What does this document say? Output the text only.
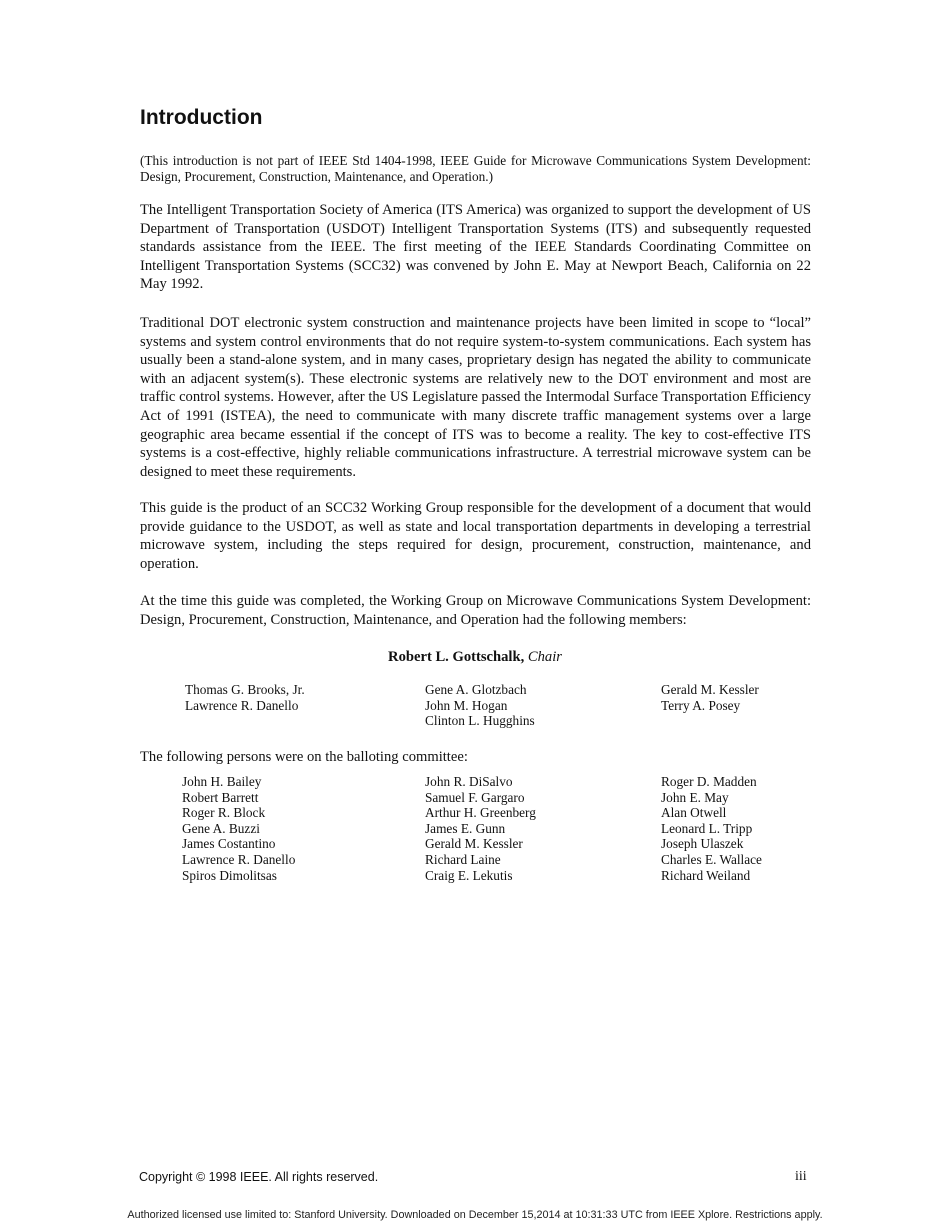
Introduction

(This introduction is not part of IEEE Std 1404-1998, IEEE Guide for Microwave Communications System Development: Design, Procurement, Construction, Maintenance, and Operation.)

The Intelligent Transportation Society of America (ITS America) was organized to support the development of US Department of Transportation (USDOT) Intelligent Transportation Systems (ITS) and subsequently requested standards assistance from the IEEE. The first meeting of the IEEE Standards Coordinating Committee on Intelligent Transportation Systems (SCC32) was convened by John E. May at Newport Beach, California on 22 May 1992.

Traditional DOT electronic system construction and maintenance projects have been limited in scope to “local” systems and system control environments that do not require system-to-system communications. Each system has usually been a stand-alone system, and in many cases, proprietary design has negated the ability to communicate with an adjacent system(s). These electronic systems are relatively new to the DOT environment and most are traffic control systems. However, after the US Legislature passed the Intermodal Surface Transportation Efficiency Act of 1991 (ISTEA), the need to communicate with many discrete traffic management systems over a large geographic area became essential if the concept of ITS was to become a reality. The key to cost-effective ITS systems is a cost-effective, highly reliable communications infrastructure. A terrestrial microwave system can be designed to meet these requirements.

This guide is the product of an SCC32 Working Group responsible for the development of a document that would provide guidance to the USDOT, as well as state and local transportation departments in developing a terrestrial microwave system, including the steps required for design, procurement, construction, maintenance, and operation.

At the time this guide was completed, the Working Group on Microwave Communications System Development: Design, Procurement, Construction, Maintenance, and Operation had the following members:

Robert L. Gottschalk, Chair

Thomas G. Brooks, Jr.
Lawrence R. Danello
Gene A. Glotzbach
John M. Hogan
Clinton L. Hugghins
Gerald M. Kessler
Terry A. Posey

The following persons were on the balloting committee:

John H. Bailey
Robert Barrett
Roger R. Block
Gene A. Buzzi
James Costantino
Lawrence R. Danello
Spiros Dimolitsas
John R. DiSalvo
Samuel F. Gargaro
Arthur H. Greenberg
James E. Gunn
Gerald M. Kessler
Richard Laine
Craig E. Lekutis
Roger D. Madden
John E. May
Alan Otwell
Leonard L. Tripp
Joseph Ulaszek
Charles E. Wallace
Richard Weiland
Copyright © 1998 IEEE. All rights reserved.	iii
Authorized licensed use limited to: Stanford University. Downloaded on December 15,2014 at 10:31:33 UTC from IEEE Xplore. Restrictions apply.
